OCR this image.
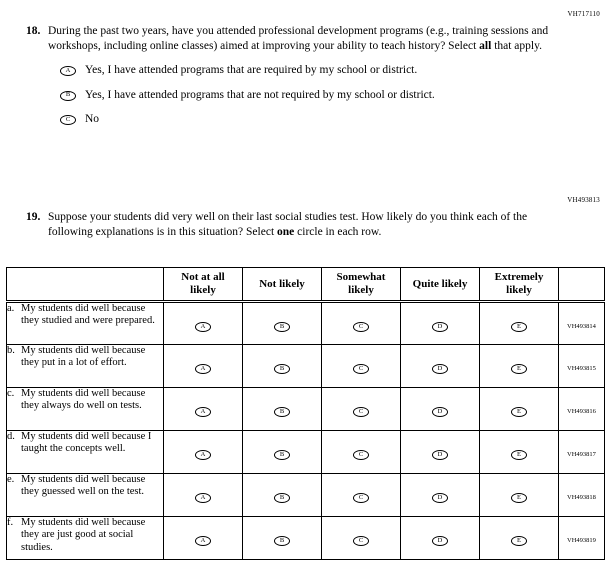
VH717110
18. During the past two years, have you attended professional development programs (e.g., training sessions and workshops, including online classes) aimed at improving your ability to teach history? Select all that apply.
A Yes, I have attended programs that are required by my school or district.
B Yes, I have attended programs that are not required by my school or district.
C No
VH493813
19. Suppose your students did very well on their last social studies test. How likely do you think each of the following explanations is in this situation? Select one circle in each row.
	Not at all likely	Not likely	Somewhat likely	Quite likely	Extremely likely	

a. My students did well because they studied and were prepared.	A	B	C	D	E	VH493814

b. My students did well because they put in a lot of effort.	A	B	C	D	E	VH493815

c. My students did well because they always do well on tests.	A	B	C	D	E	VH493816

d. My students did well because I taught the concepts well.	A	B	C	D	E	VH493817

e. My students did well because they guessed well on the test.	A	B	C	D	E	VH493818

f. My students did well because they are just good at social studies.	A	B	C	D	E	VH493819
